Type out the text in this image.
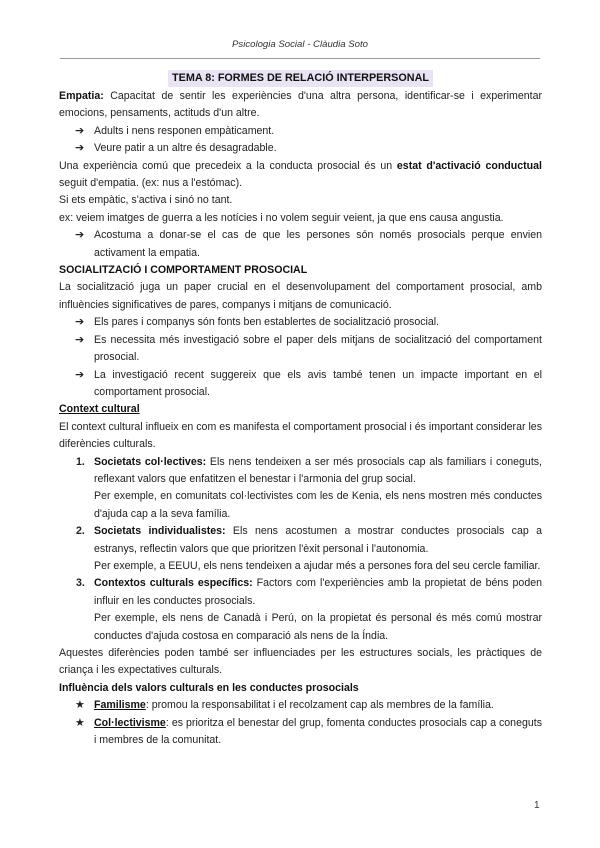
Psicologia Social - Clàudia Soto
TEMA 8: FORMES DE RELACIÓ INTERPERSONAL

Empatia: Capacitat de sentir les experiències d'una altra persona, identificar-se i experimentar emocions, pensaments, actituds d'un altre.

➔ Adults i nens responen empàticament.
➔ Veure patir a un altre és desagradable.

Una experiència comú que precedeix a la conducta prosocial és un estat d'activació conductual seguit d'empatia. (ex: nus a l'estómac).

Si ets empàtic, s'activa i sinó no tant.

ex: veiem imatges de guerra a les notícies i no volem seguir veient, ja que ens causa angustia.

➔ Acostuma a donar-se el cas de que les persones són només prosocials perque envien activament la empatia.

SOCIALITZACIÓ I COMPORTAMENT PROSOCIAL

La socialització juga un paper crucial en el desenvolupament del comportament prosocial, amb influències significatives de pares, companys i mitjans de comunicació.

➔ Els pares i companys són fonts ben establertes de socialització prosocial.
➔ Es necessita més investigació sobre el paper dels mitjans de socialització del comportament prosocial.
➔ La investigació recent suggereix que els avis també tenen un impacte important en el comportament prosocial.

Context cultural

El context cultural influeix en com es manifesta el comportament prosocial i és important considerar les diferències culturals.

1. Societats col·lectives: Els nens tendeixen a ser més prosocials cap als familiars i coneguts, reflexant valors que enfatitzen el benestar i l'armonia del grup social.

Per exemple, en comunitats col·lectivistes com les de Kenia, els nens mostren més conductes d'ajuda cap a la seva família.

2. Societats individualistes: Els nens acostumen a mostrar conductes prosocials cap a estranys, reflectin valors que que prioritzen l'èxit personal i l'autonomia.

Per exemple, a EEUU, els nens tendeixen a ajudar més a persones fora del seu cercle familiar.

3. Contextos culturals específics: Factors com l'experiències amb la propietat de béns poden influir en les conductes prosocials.

Per exemple, els nens de Canadà i Perú, on la propietat és personal és més comú mostrar conductes d'ajuda costosa en comparació als nens de la Índia.

Aquestes diferències poden també ser influenciades per les estructures socials, les pràctiques de criança i les expectatives culturals.

Influència dels valors culturals en les conductes prosocials

★ Familisme: promou la responsabilitat i el recolzament cap als membres de la família.
★ Col·lectivisme: es prioritza el benestar del grup, fomenta conductes prosocials cap a coneguts i membres de la comunitat.
1
